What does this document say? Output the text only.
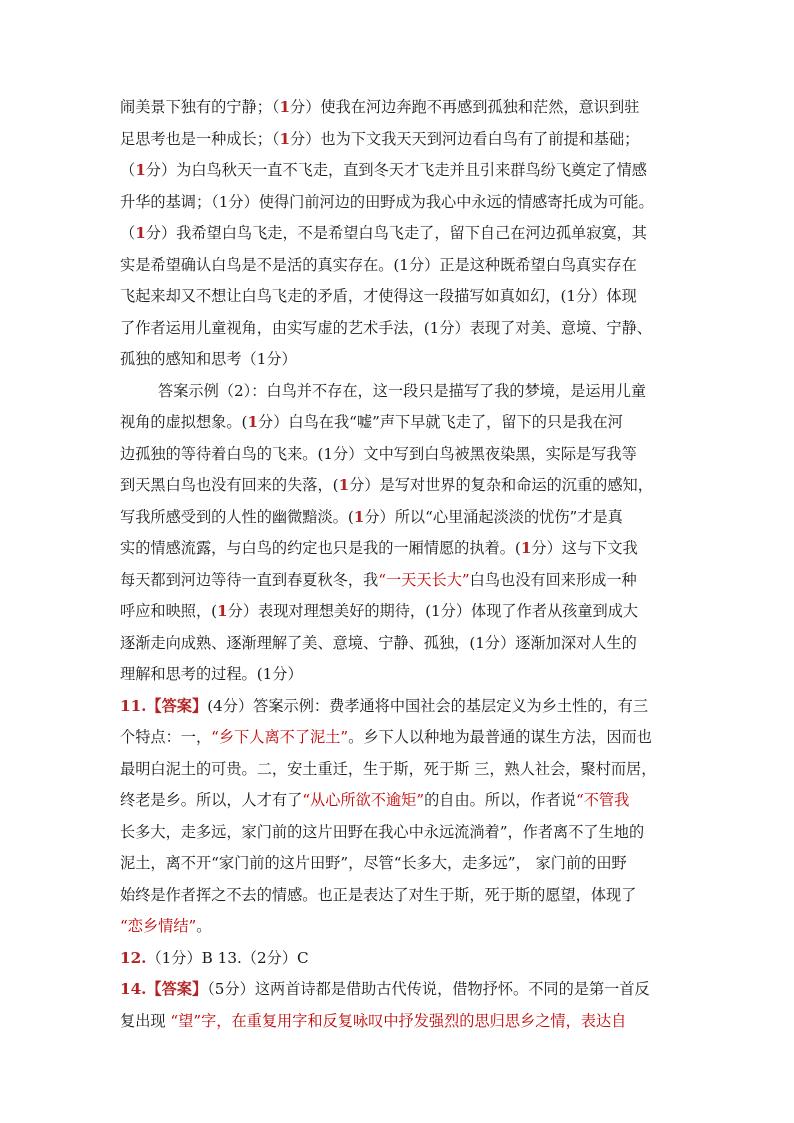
闹美景下独有的宁静；（1分）使我在河边奔跑不再感到孤独和茫然，意识到驻
足思考也是一种成长；（1分）也为下文我天天到河边看白鸟有了前提和基础；
（1分）为白鸟秋天一直不飞走，直到冬天才飞走并且引来群鸟纷飞奠定了情感
升华的基调；（1分）使得门前河边的田野成为我心中永远的情感寄托成为可能。
（1分）我希望白鸟飞走，不是希望白鸟飞走了，留下自己在河边孤单寂寞，其
实是希望确认白鸟是不是活的真实存在。(1分）正是这种既希望白鸟真实存在
飞起来却又不想让白鸟飞走的矛盾，才使得这一段描写如真如幻，(1分）体现
了作者运用儿童视角，由实写虚的艺术手法，(1分）表现了对美、意境、宁静、
孤独的感知和思考（1分）
答案示例（2）：白鸟并不存在，这一段只是描写了我的梦境，是运用儿童
视角的虚拟想象。(1分）白鸟在我“嘘”声下早就飞走了，留下的只是我在河
边孤独的等待着白鸟的飞来。(1分）文中写到白鸟被黑夜染黑，实际是写我等
到天黑白鸟也没有回来的失落，(1分）是写对世界的复杂和命运的沉重的感知，
写我所感受到的人性的幽微黯淡。(1分）所以“心里涌起淡淡的忧伤”才是真
实的情感流露，与白鸟的约定也只是我的一厢情愿的执着。(1分）这与下文我
每天都到河边等待一直到春夏秋冬，我“一天天长大”白鸟也没有回来形成一种
呼应和映照，(1分）表现对理想美好的期待，(1分）体现了作者从孩童到成大
逐渐走向成熟、逐渐理解了美、意境、宁静、孤独，(1分）逐渐加深对人生的
理解和思考的过程。(1分）
11.【答案】(4分）答案示例：费孝通将中国社会的基层定义为乡土性的，有三
个特点：一，“乡下人离不了泥土”。乡下人以种地为最普通的谋生方法，因而也
最明白泥土的可贵。二，安土重迁，生于斯，死于斯 三，熟人社会，聚村而居，
终老是乡。所以，人才有了“从心所欲不逾矩”的自由。所以，作者说“不管我
长多大，走多远，家门前的这片田野在我心中永远流淌着”，作者离不了生地的
泥土，离不开“家门前的这片田野”，尽管“长多大，走多远”， 家门前的田野
始终是作者挥之不去的情感。也正是表达了对生于斯，死于斯的愿望，体现了
“恋乡情结”。
12.（1分）B 13.（2分）C
14.【答案】（5分）这两首诗都是借助古代传说，借物抒怀。不同的是第一首反
复出现 “望”字，在重复用字和反复咏叹中抒发强烈的思归思乡之情，表达自
